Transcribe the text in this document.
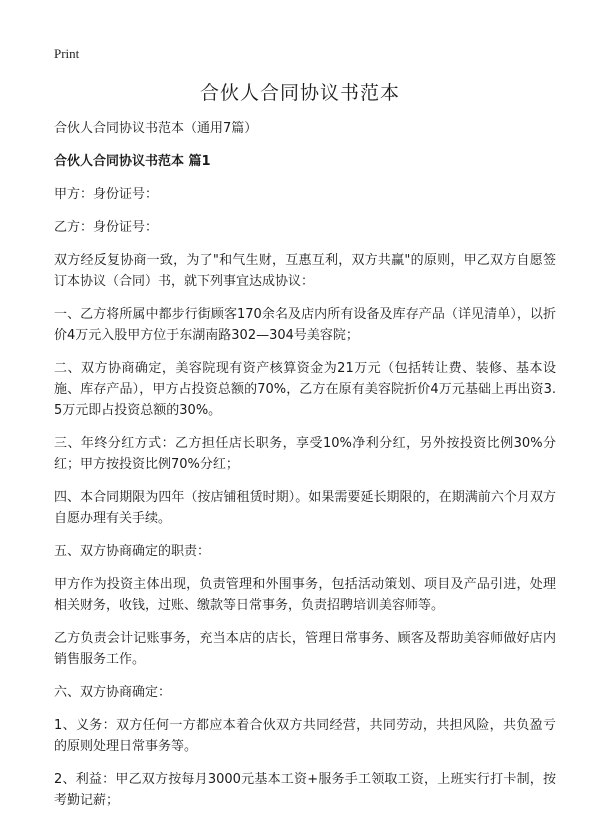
Print
合伙人合同协议书范本

合伙人合同协议书范本（通用7篇）

合伙人合同协议书范本 篇1

甲方：身份证号：

乙方：身份证号：

双方经反复协商一致，为了"和气生财，互惠互利，双方共赢"的原则，甲乙双方自愿签订本协议（合同）书，就下列事宜达成协议：

一、乙方将所属中都步行街顾客170余名及店内所有设备及库存产品（详见清单），以折价4万元入股甲方位于东湖南路302—304号美容院；

二、双方协商确定，美容院现有资产核算资金为21万元（包括转让费、装修、基本设施、库存产品），甲方占投资总额的70%，乙方在原有美容院折价4万元基础上再出资3.5万元即占投资总额的30%。

三、年终分红方式：乙方担任店长职务，享受10%净利分红，另外按投资比例30%分红；甲方按投资比例70%分红；

四、本合同期限为四年（按店铺租赁时期）。如果需要延长期限的，在期满前六个月双方自愿办理有关手续。

五、双方协商确定的职责：

甲方作为投资主体出现，负责管理和外围事务，包括活动策划、项目及产品引进，处理相关财务，收钱，过账、缴款等日常事务，负责招聘培训美容师等。

乙方负责会计记账事务，充当本店的店长，管理日常事务、顾客及帮助美容师做好店内销售服务工作。

六、双方协商确定：

1、义务：双方任何一方都应本着合伙双方共同经营，共同劳动，共担风险，共负盈亏的原则处理日常事务等。

2、利益：甲乙双方按每月3000元基本工资+服务手工领取工资，上班实行打卡制，按考勤记薪；
